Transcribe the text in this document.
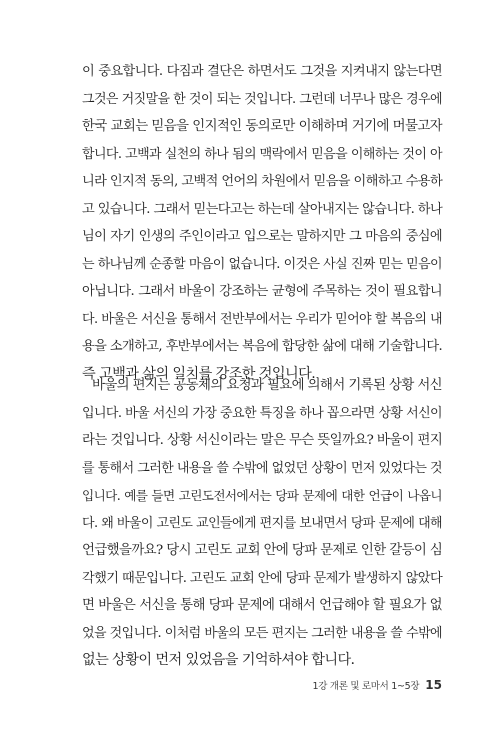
이 중요합니다. 다짐과 결단은 하면서도 그것을 지켜내지 않는다면
그것은 거짓말을 한 것이 되는 것입니다. 그런데 너무나 많은 경우에
한국 교회는 믿음을 인지적인 동의로만 이해하며 거기에 머물고자
합니다. 고백과 실천의 하나 됨의 맥락에서 믿음을 이해하는 것이 아
니라 인지적 동의, 고백적 언어의 차원에서 믿음을 이해하고 수용하
고 있습니다. 그래서 믿는다고는 하는데 살아내지는 않습니다. 하나
님이 자기 인생의 주인이라고 입으로는 말하지만 그 마음의 중심에
는 하나님께 순종할 마음이 없습니다. 이것은 사실 진짜 믿는 믿음이
아닙니다. 그래서 바울이 강조하는 균형에 주목하는 것이 필요합니
다. 바울은 서신을 통해서 전반부에서는 우리가 믿어야 할 복음의 내
용을 소개하고, 후반부에서는 복음에 합당한 삶에 대해 기술합니다.
즉 고백과 삶의 일치를 강조한 것입니다.
바울의 편지는 공동체의 요청과 필요에 의해서 기록된 상황 서신
입니다. 바울 서신의 가장 중요한 특징을 하나 꼽으라면 상황 서신이
라는 것입니다. 상황 서신이라는 말은 무슨 뜻일까요? 바울이 편지
를 통해서 그러한 내용을 쓸 수밖에 없었던 상황이 먼저 있었다는 것
입니다. 예를 들면 고린도전서에서는 당파 문제에 대한 언급이 나옵니
다. 왜 바울이 고린도 교인들에게 편지를 보내면서 당파 문제에 대해
언급했을까요? 당시 고린도 교회 안에 당파 문제로 인한 갈등이 심
각했기 때문입니다. 고린도 교회 안에 당파 문제가 발생하지 않았다
면 바울은 서신을 통해 당파 문제에 대해서 언급해야 할 필요가 없
었을 것입니다. 이처럼 바울의 모든 편지는 그러한 내용을 쓸 수밖에
없는 상황이 먼저 있었음을 기억하셔야 합니다.
1강 개론 및 로마서 1~5장 15
